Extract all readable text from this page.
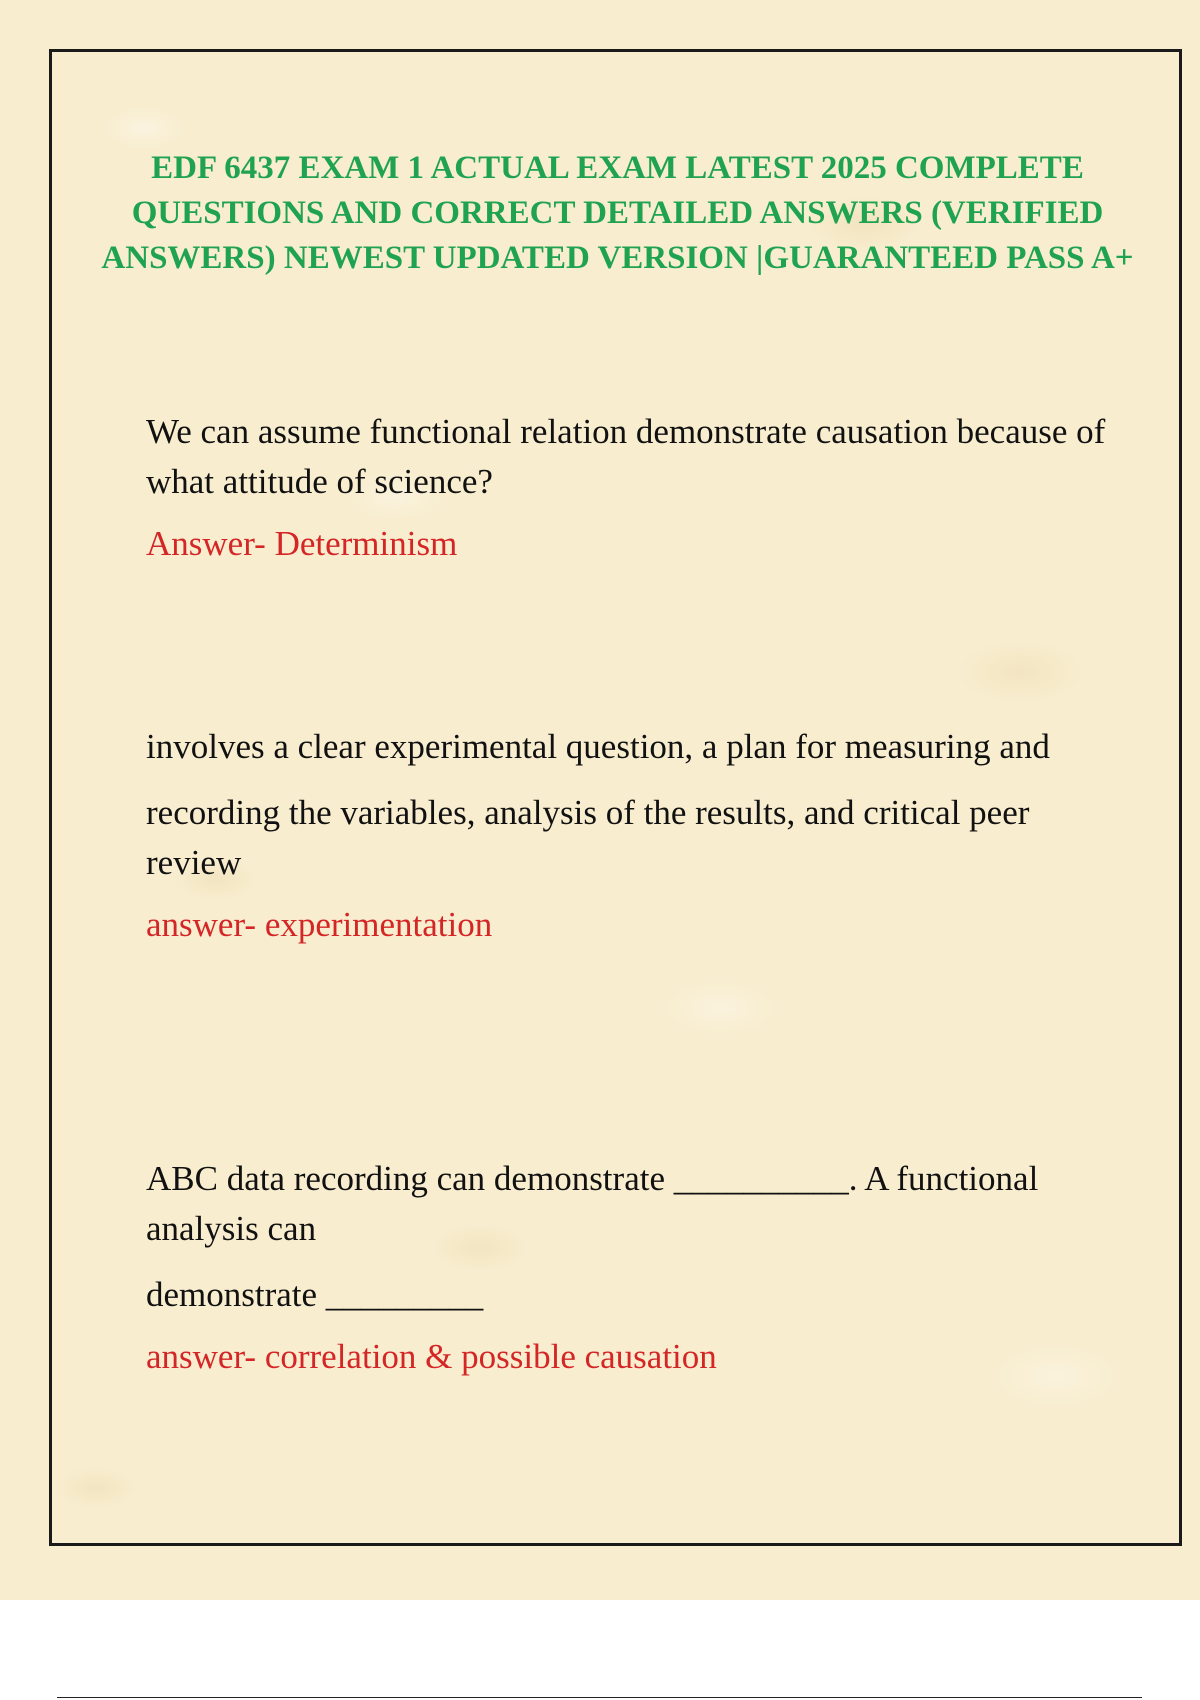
EDF 6437 EXAM 1 ACTUAL EXAM LATEST 2025 COMPLETE QUESTIONS AND CORRECT DETAILED ANSWERS (VERIFIED ANSWERS) NEWEST UPDATED VERSION |GUARANTEED PASS A+

We can assume functional relation demonstrate causation because of what attitude of science?

Answer- Determinism

involves a clear experimental question, a plan for measuring and

recording the variables, analysis of the results, and critical peer review

answer- experimentation

ABC data recording can demonstrate __________. A functional analysis can

demonstrate _________

answer- correlation & possible causation
